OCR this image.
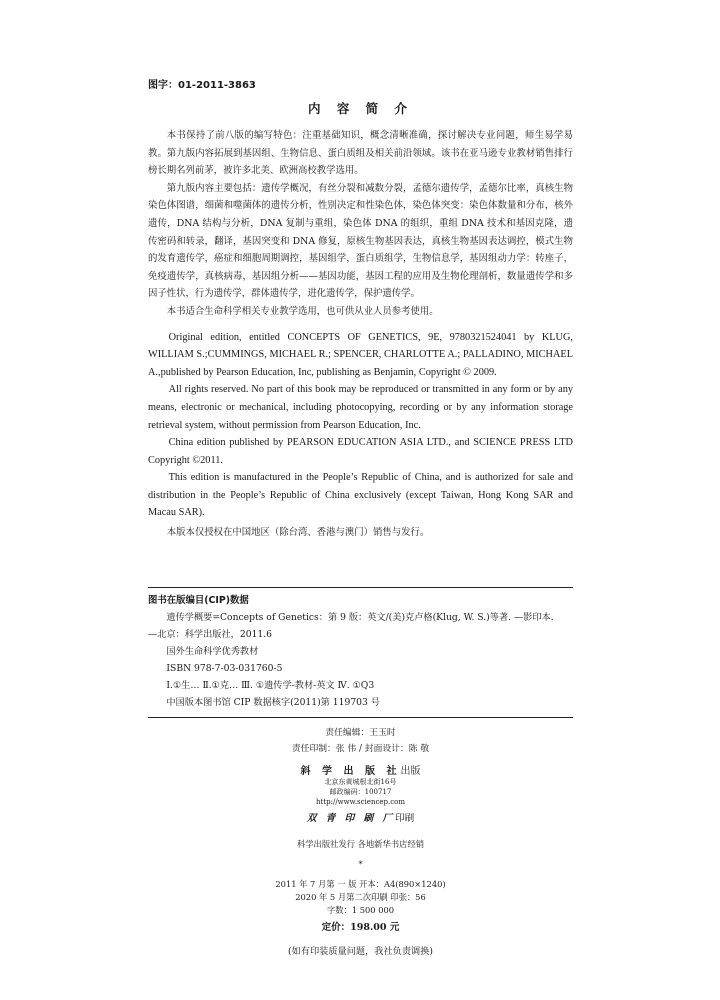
图字：01-2011-3863
内 容 简 介

本书保持了前八版的编写特色：注重基础知识，概念清晰准确，探讨解决专业问题，师生易学易教。第九版内容拓展到基因组、生物信息、蛋白质组及相关前沿领域。该书在亚马逊专业教材销售排行榜长期名列前茅，被许多北美、欧洲高校教学选用。

第九版内容主要包括：遗传学概况，有丝分裂和减数分裂，孟德尔遗传学，孟德尔比率，真核生物染色体图谱，细菌和噬菌体的遗传分析，性别决定和性染色体，染色体突变：染色体数量和分布，核外遗传，DNA 结构与分析，DNA 复制与重组，染色体 DNA 的组织，重组 DNA 技术和基因克隆，遗传密码和转录，翻译，基因突变和 DNA 修复，原核生物基因表达，真核生物基因表达调控，模式生物的发育遗传学，癌症和细胞周期调控，基因组学，蛋白质组学，生物信息学，基因组动力学：转座子，免疫遗传学，真核病毒，基因组分析——基因功能，基因工程的应用及生物伦理剖析，数量遗传学和多因子性状，行为遗传学，群体遗传学，进化遗传学，保护遗传学。

本书适合生命科学相关专业教学选用，也可供从业人员参考使用。

Original edition, entitled CONCEPTS OF GENETICS, 9E, 9780321524041 by KLUG, WILLIAM S.;CUMMINGS, MICHAEL R.; SPENCER, CHARLOTTE A.; PALLADINO, MICHAEL A.,published by Pearson Education, Inc, publishing as Benjamin, Copyright © 2009.

All rights reserved. No part of this book may be reproduced or transmitted in any form or by any means, electronic or mechanical, including photocopying, recording or by any information storage retrieval system, without permission from Pearson Education, Inc.

China edition published by PEARSON EDUCATION ASIA LTD., and SCIENCE PRESS LTD Copyright ©2011.

This edition is manufactured in the People’s Republic of China, and is authorized for sale and distribution in the People’s Republic of China exclusively (except Taiwan, Hong Kong SAR and Macau SAR).

本版本仅授权在中国地区（除台湾、香港与澳门）销售与发行。

图书在版编目(CIP)数据

遗传学概要=Concepts of Genetics：第 9 版：英文/(美)克卢格(Klug, W. S.)等著. —影印本.

—北京：科学出版社，2011.6

国外生命科学优秀教材

ISBN 978-7-03-031760-5

Ⅰ.①生… Ⅱ.①克… Ⅲ. ①遗传学-教材-英文 Ⅳ. ①Q3

中国版本图书馆 CIP 数据核字(2011)第 119703 号

责任编辑：王玉时

责任印制：张 伟 / 封面设计：陈 敬

斜 学 出 版 社出版

北京东黄城根北街16号

邮政编码：100717

http://www.sciencep.com

双 青 印 刷 厂印刷

科学出版社发行 各地新华书店经销

*

2011 年 7 月第 一 版 开本：A4(890×1240)

2020 年 5 月第二次印刷 印张：56

字数：1 500 000

定价：198.00 元

(如有印装质量问题，我社负责调换)
